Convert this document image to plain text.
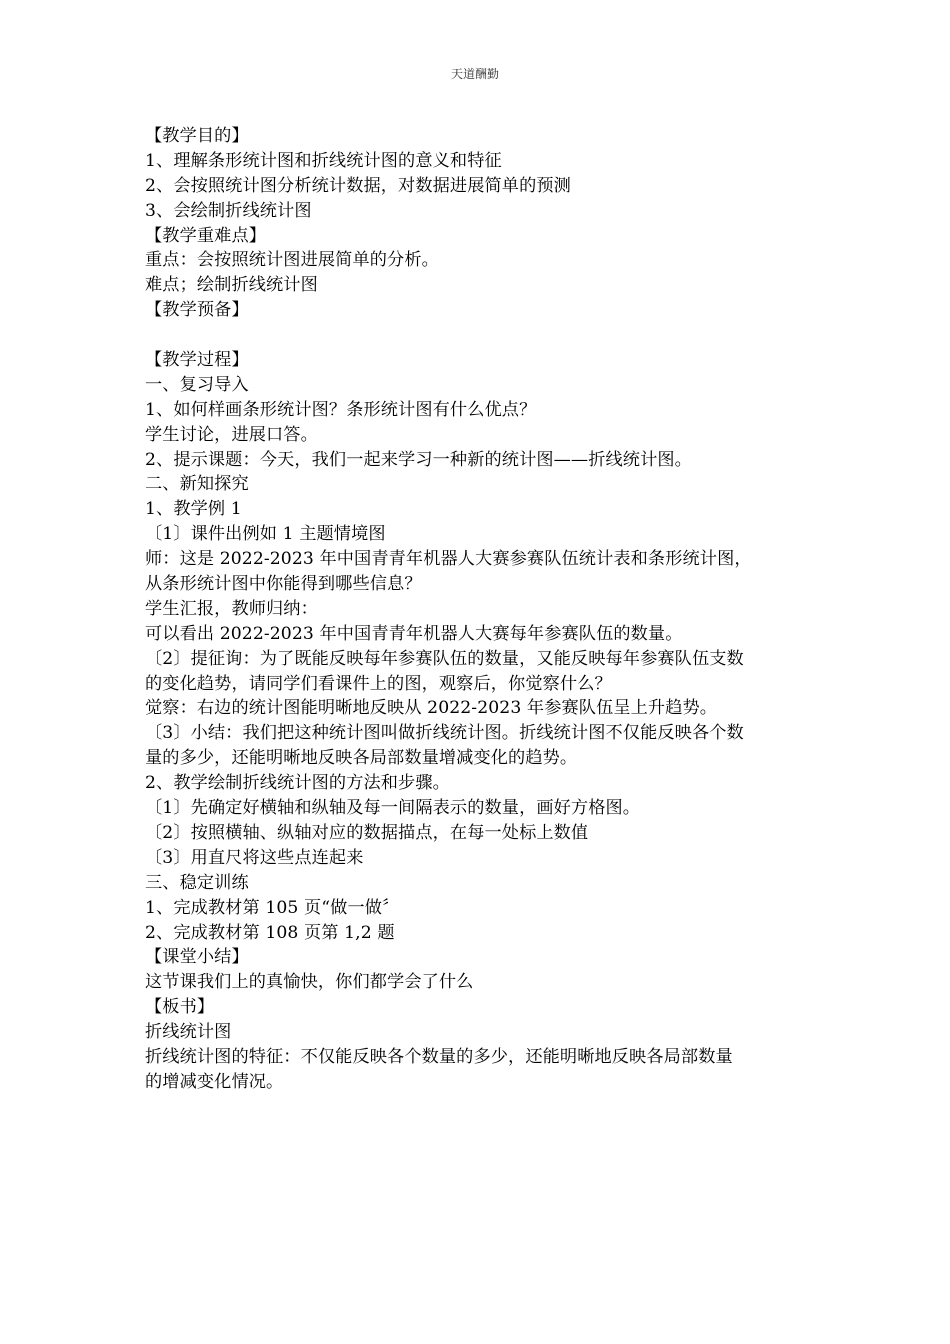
天道酬勤
【教学目的】
1、理解条形统计图和折线统计图的意义和特征
2、会按照统计图分析统计数据，对数据进展简单的预测
3、会绘制折线统计图
【教学重难点】
重点：会按照统计图进展简单的分析。
难点；绘制折线统计图
【教学预备】
【教学过程】
一、复习导入
1、如何样画条形统计图？条形统计图有什么优点？
学生讨论，进展口答。
2、提示课题：今天，我们一起来学习一种新的统计图——折线统计图。
二、新知探究
1、教学例 1
〔1〕课件出例如 1 主题情境图
师：这是 2022-2023 年中国青青年机器人大赛参赛队伍统计表和条形统计图，
从条形统计图中你能得到哪些信息？
学生汇报，教师归纳：
可以看出 2022-2023 年中国青青年机器人大赛每年参赛队伍的数量。
〔2〕提征询：为了既能反映每年参赛队伍的数量，又能反映每年参赛队伍支数
的变化趋势，请同学们看课件上的图，观察后，你觉察什么？
觉察：右边的统计图能明晰地反映从 2022-2023 年参赛队伍呈上升趋势。
〔3〕小结：我们把这种统计图叫做折线统计图。折线统计图不仅能反映各个数
量的多少，还能明晰地反映各局部数量增减变化的趋势。
2、教学绘制折线统计图的方法和步骤。
〔1〕先确定好横轴和纵轴及每一间隔表示的数量，画好方格图。
〔2〕按照横轴、纵轴对应的数据描点，在每一处标上数值
〔3〕用直尺将这些点连起来
三、稳定训练
1、完成教材第 105 页“做一做〞
2、完成教材第 108 页第 1,2 题
【课堂小结】
这节课我们上的真愉快，你们都学会了什么
【板书】
折线统计图
折线统计图的特征：不仅能反映各个数量的多少，还能明晰地反映各局部数量
的增减变化情况。
